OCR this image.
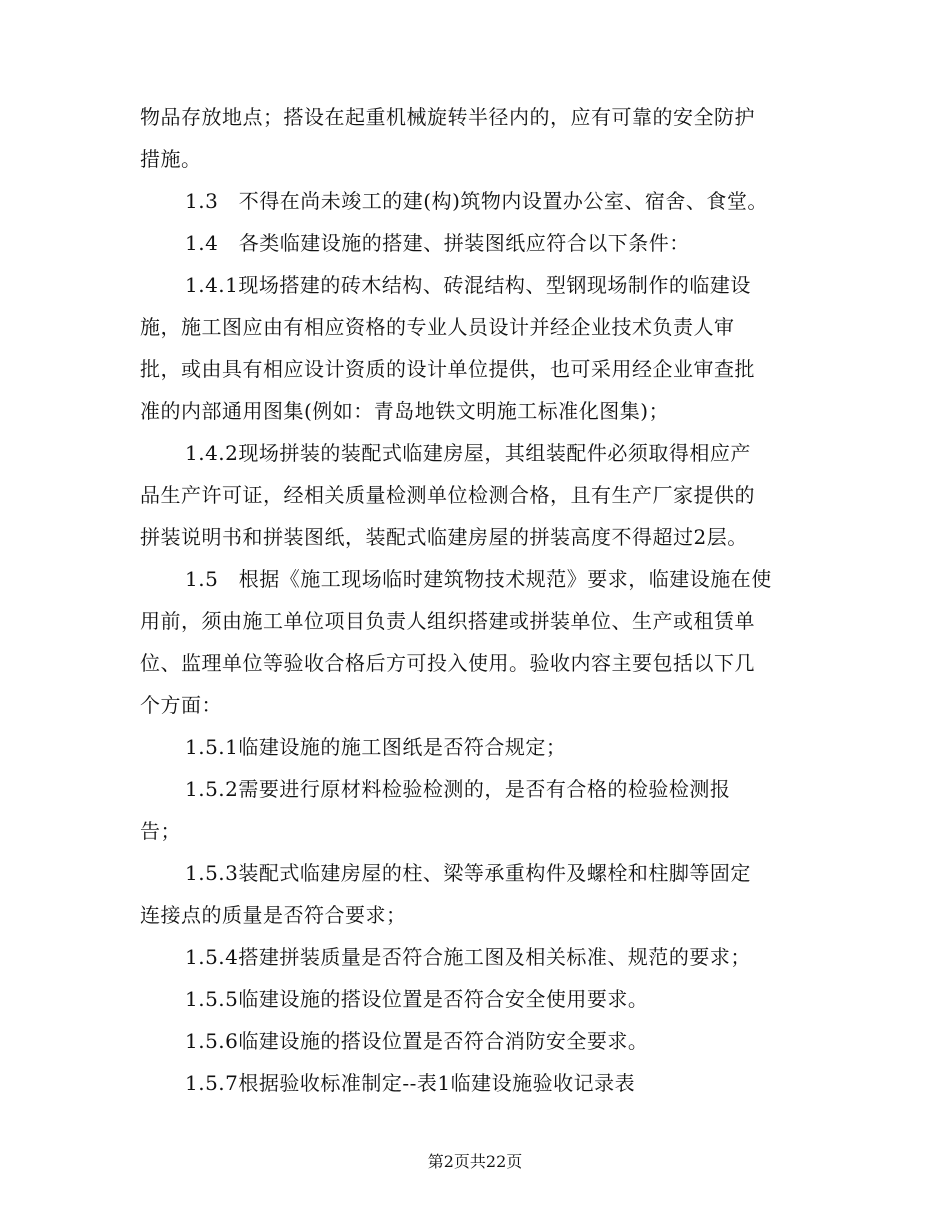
物品存放地点；搭设在起重机械旋转半径内的，应有可靠的安全防护
措施。
1.3　不得在尚未竣工的建(构)筑物内设置办公室、宿舍、食堂。
1.4　各类临建设施的搭建、拼装图纸应符合以下条件：
1.4.1现场搭建的砖木结构、砖混结构、型钢现场制作的临建设
施，施工图应由有相应资格的专业人员设计并经企业技术负责人审
批，或由具有相应设计资质的设计单位提供，也可采用经企业审查批
准的内部通用图集(例如：青岛地铁文明施工标准化图集)；
1.4.2现场拼装的装配式临建房屋，其组装配件必须取得相应产
品生产许可证，经相关质量检测单位检测合格，且有生产厂家提供的
拼装说明书和拼装图纸，装配式临建房屋的拼装高度不得超过2层。
1.5　根据《施工现场临时建筑物技术规范》要求，临建设施在使
用前，须由施工单位项目负责人组织搭建或拼装单位、生产或租赁单
位、监理单位等验收合格后方可投入使用。验收内容主要包括以下几
个方面：
1.5.1临建设施的施工图纸是否符合规定；
1.5.2需要进行原材料检验检测的，是否有合格的检验检测报
告；
1.5.3装配式临建房屋的柱、梁等承重构件及螺栓和柱脚等固定
连接点的质量是否符合要求；
1.5.4搭建拼装质量是否符合施工图及相关标准、规范的要求；
1.5.5临建设施的搭设位置是否符合安全使用要求。
1.5.6临建设施的搭设位置是否符合消防安全要求。
1.5.7根据验收标准制定--表1临建设施验收记录表
第2页共22页
